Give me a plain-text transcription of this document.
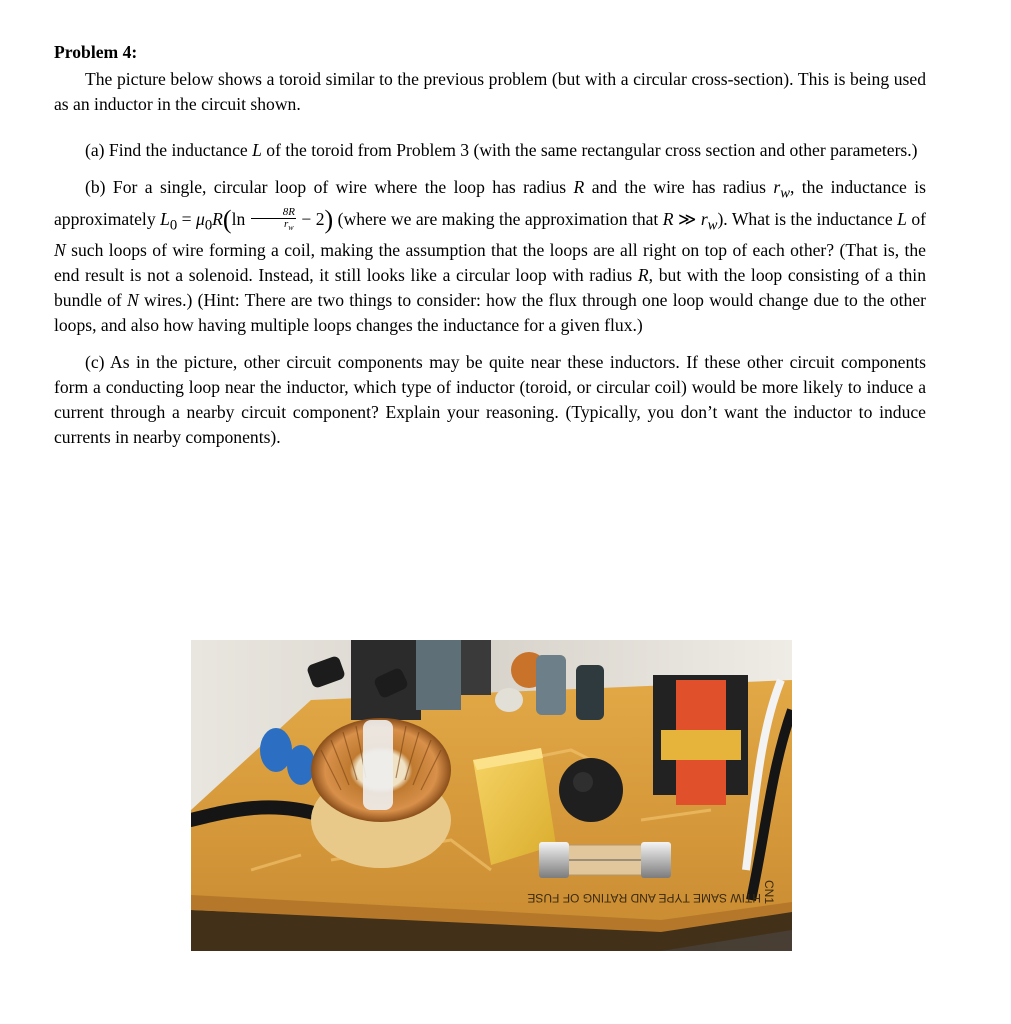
Problem 4:

The picture below shows a toroid similar to the previous problem (but with a circular cross-section). This is being used as an inductor in the circuit shown.

(a) Find the inductance L of the toroid from Problem 3 (with the same rectangular cross section and other parameters.)

(b) For a single, circular loop of wire where the loop has radius R and the wire has radius $r_w$, the inductance is approximately $L_0 = \mu_0R(\ln \frac{8R}{r_w} - 2)$ (where we are making the approximation that R ≫ $r_w$). What is the inductance L of N such loops of wire forming a coil, making the assumption that the loops are all right on top of each other? (That is, the end result is not a solenoid. Instead, it still looks like a circular loop with radius R, but with the loop consisting of a thin bundle of N wires.) (Hint: There are two things to consider: how the flux through one loop would change due to the other loops, and also how having multiple loops changes the inductance for a given flux.)

(c) As in the picture, other circuit components may be quite near these inductors. If these other circuit components form a conducting loop near the inductor, which type of inductor (toroid, or circular coil) would be more likely to induce a current through a nearby circuit component? Explain your reasoning. (Typically, you don’t want the inductor to induce currents in nearby components).

HTIW SAME TYPE AND RATING OF FUSE CN1
